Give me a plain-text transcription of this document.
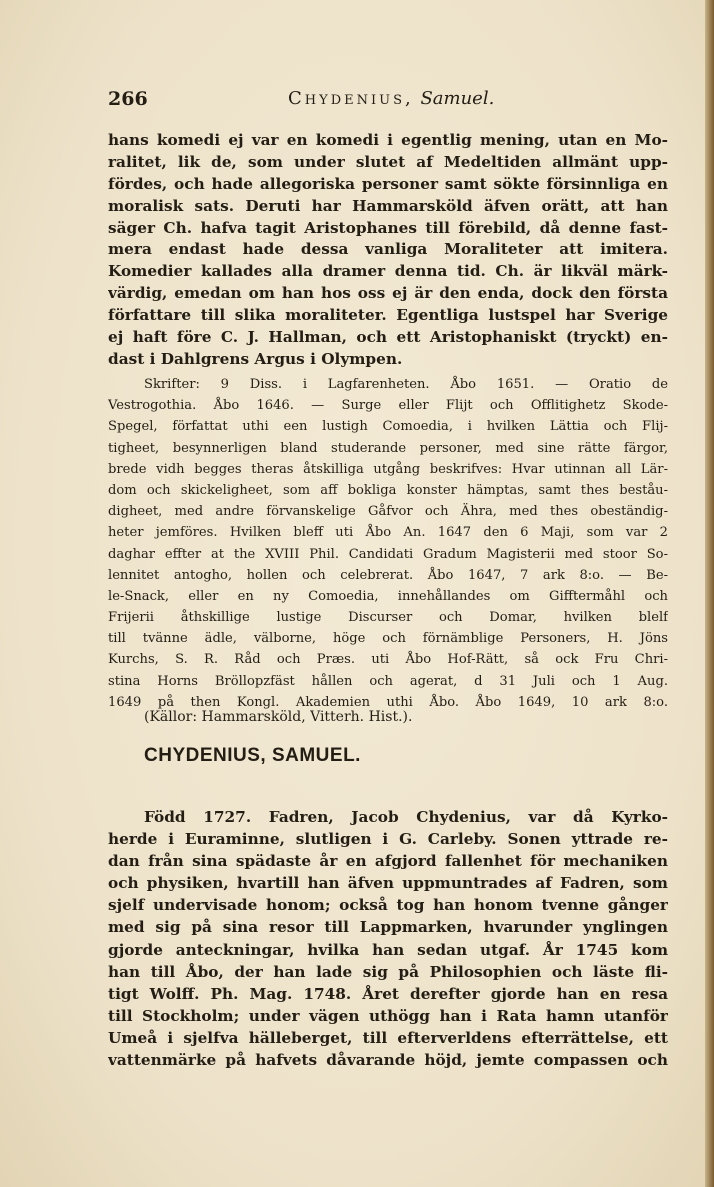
266	Chydenius, Samuel.
hans komedi ej var en komedi i egentlig mening, utan en Mo-
ralitet, lik de, som under slutet af Medeltiden allmänt upp-
fördes, och hade allegoriska personer samt sökte försinnliga en
moralisk sats. Deruti har Hammarsköld äfven orätt, att han
säger Ch. hafva tagit Aristophanes till förebild, då denne fast-
mera endast hade dessa vanliga Moraliteter att imitera.
Komedier kallades alla dramer denna tid. Ch. är likväl märk-
värdig, emedan om han hos oss ej är den enda, dock den första
författare till slika moraliteter. Egentliga lustspel har Sverige
ej haft före C. J. Hallman, och ett Aristophaniskt (tryckt) en-
dast i Dahlgrens Argus i Olympen.
Skrifter: 9 Diss. i Lagfarenheten. Åbo 1651. — Oratio de
Vestrogothia. Åbo 1646. — Surge eller Flijt och Offlitighetz Skode-
Spegel, författat uthi een lustigh Comoedia, i hvilken Lättia och Flij-
tigheet, besynnerligen bland studerande personer, med sine rätte färgor,
brede vidh begges theras åtskilliga utgång beskrifves: Hvar utinnan all Lär-
dom och skickeligheet, som aff bokliga konster hämptas, samt thes beståu-
digheet, med andre förvanskelige Gåfvor och Ähra, med thes obeständig-
heter jemföres. Hvilken bleff uti Åbo An. 1647 den 6 Maji, som var 2
daghar effter at the XVIII Phil. Candidati Gradum Magisterii med stoor So-
lennitet antogho, hollen och celebrerat. Åbo 1647, 7 ark 8:o. — Be-
le-Snack, eller en ny Comoedia, innehållandes om Gifftermåhl och
Frijerii åthskillige lustige Discurser och Domar, hvilken blelf
till tvänne ädle, välborne, höge och förnämblige Personers, H. Jöns
Kurchs, S. R. Råd och Præs. uti Åbo Hof-Rätt, så ock Fru Chri-
stina Horns Bröllopzfäst hållen och agerat, d 31 Juli och 1 Aug.
1649 på then Kongl. Akademien uthi Åbo. Åbo 1649, 10 ark 8:o.
(Källor: Hammarsköld, Vitterh. Hist.).
CHYDENIUS, SAMUEL.
Född 1727. Fadren, Jacob Chydenius, var då Kyrko-
herde i Euraminne, slutligen i G. Carleby. Sonen yttrade re-
dan från sina spädaste år en afgjord fallenhet för mechaniken
och physiken, hvartill han äfven uppmuntrades af Fadren, som
sjelf undervisade honom; också tog han honom tvenne gånger
med sig på sina resor till Lappmarken, hvarunder ynglingen
gjorde anteckningar, hvilka han sedan utgaf. År 1745 kom
han till Åbo, der han lade sig på Philosophien och läste fli-
tigt Wolff. Ph. Mag. 1748. Året derefter gjorde han en resa
till Stockholm; under vägen uthögg han i Rata hamn utanför
Umeå i sjelfva hälleberget, till efterverldens efterrättelse, ett
vattenmärke på hafvets dåvarande höjd, jemte compassen och
